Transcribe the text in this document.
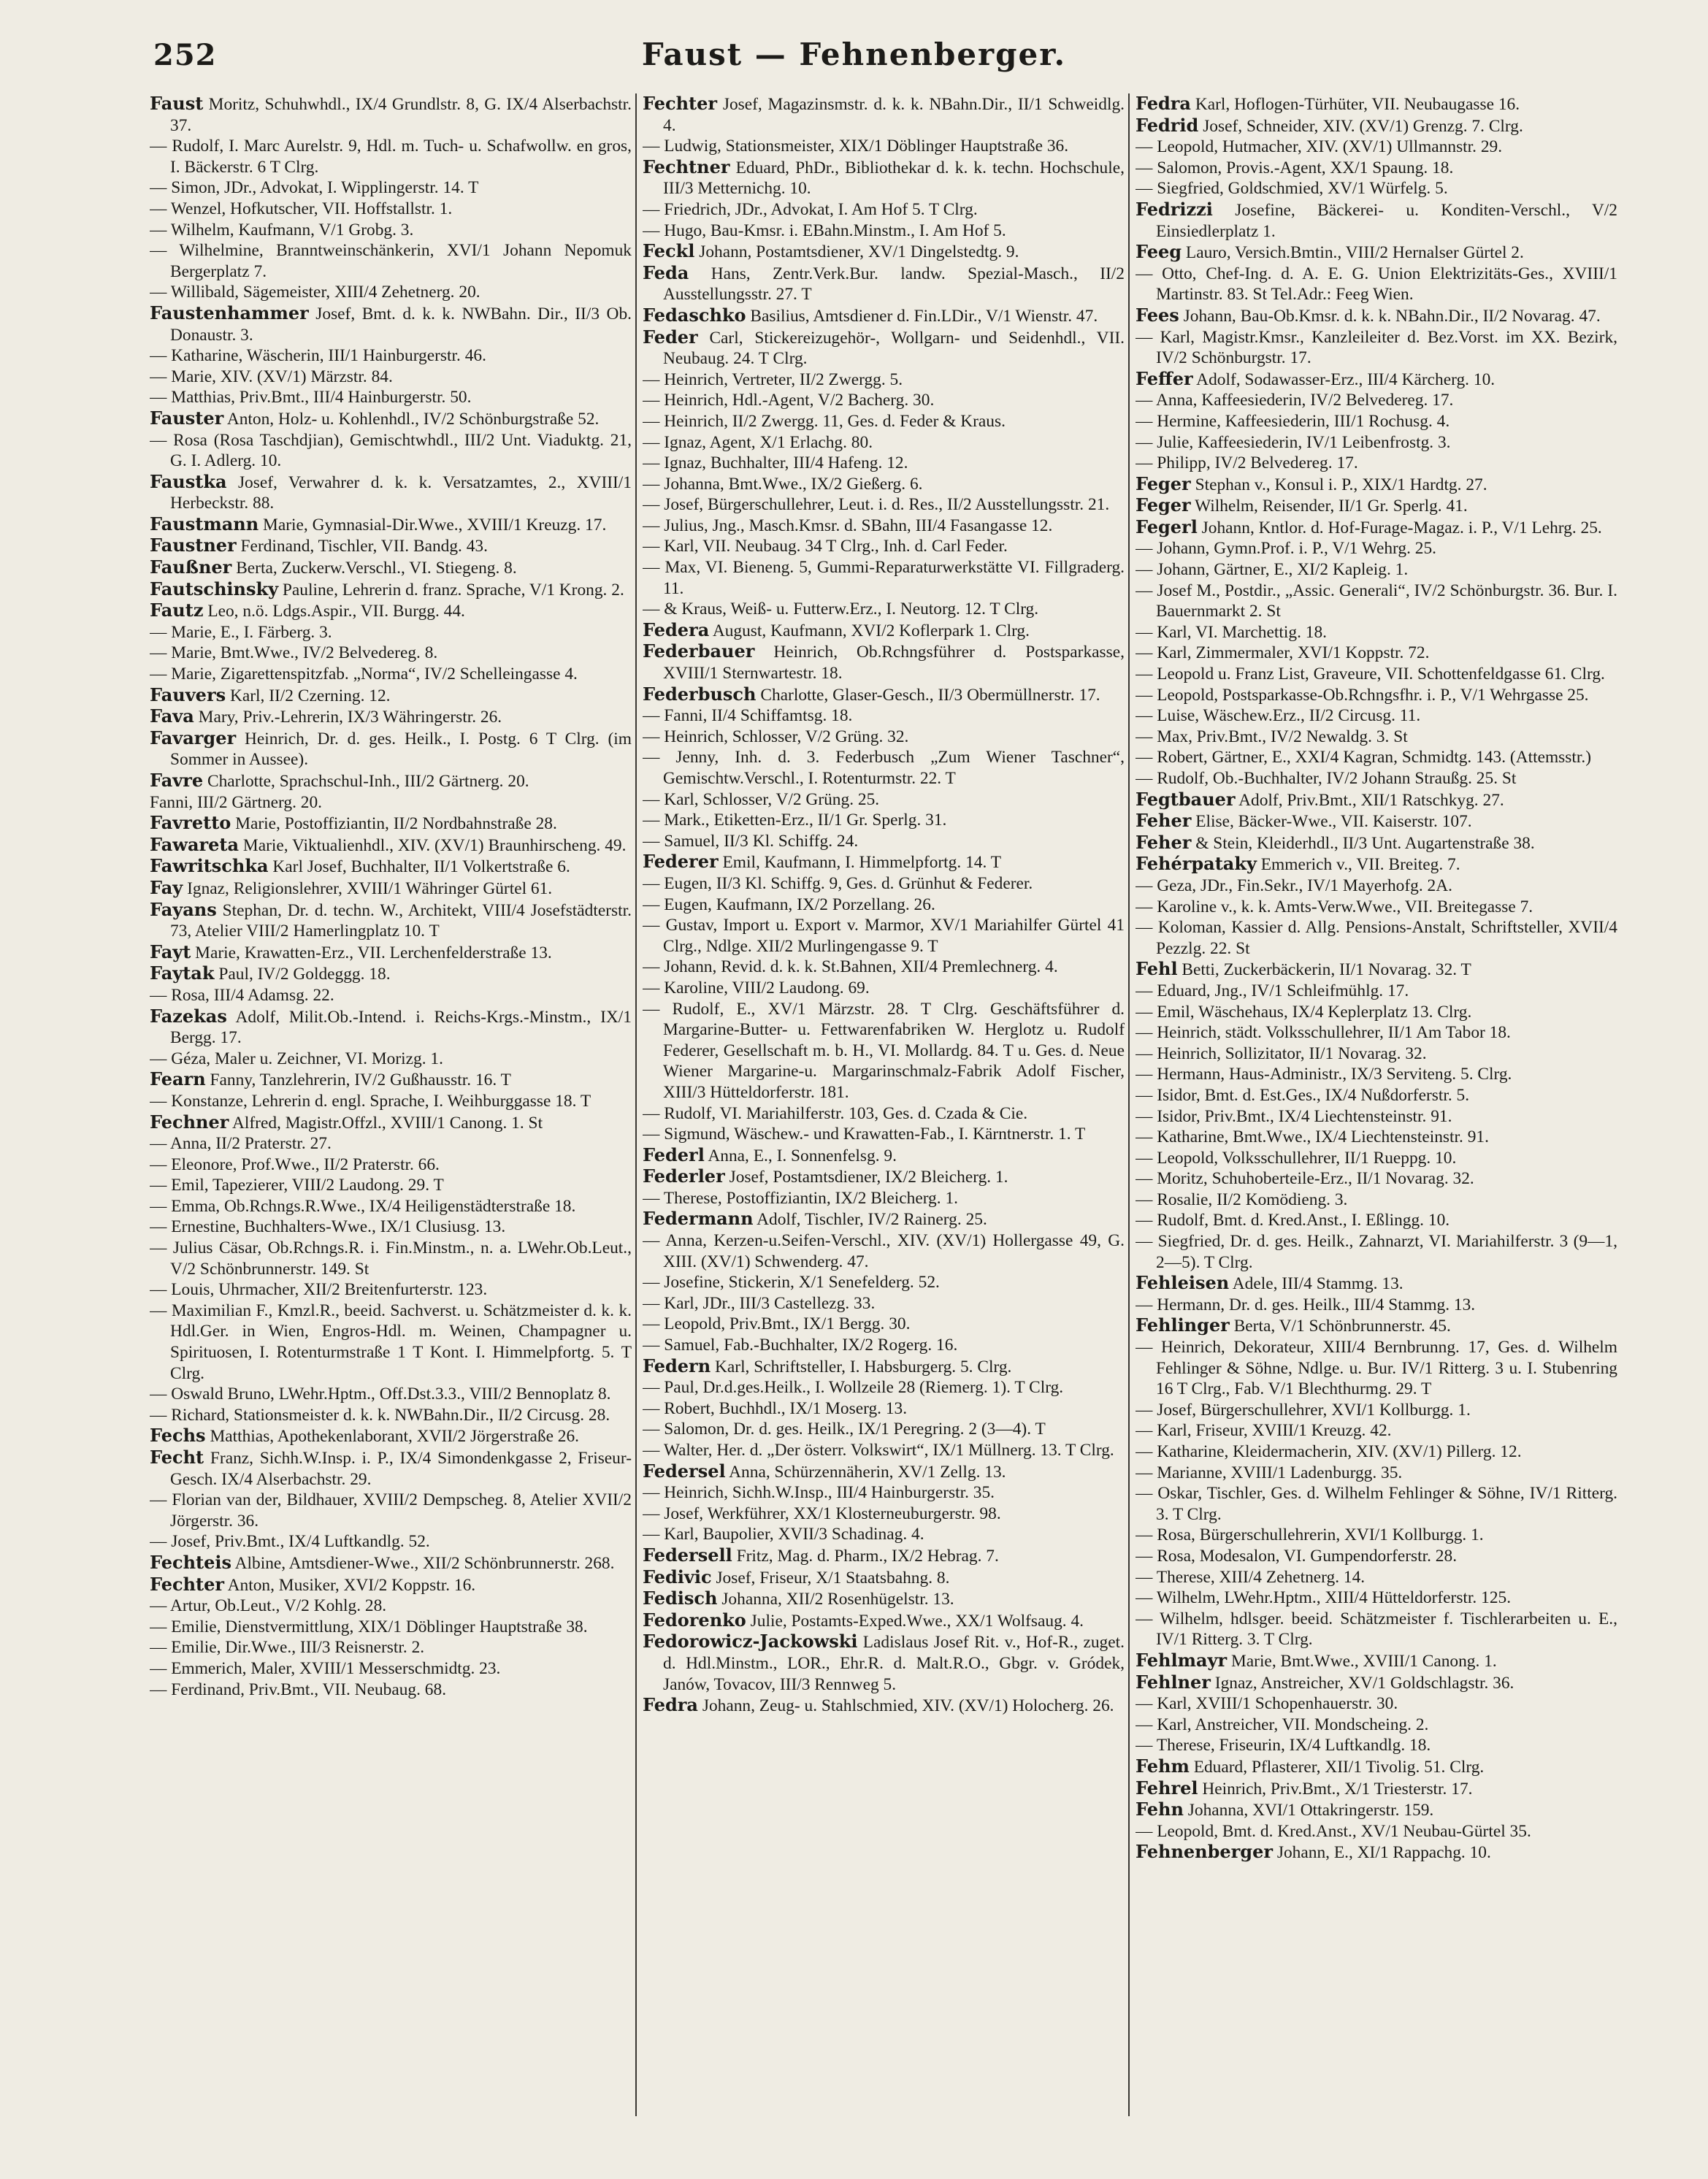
252	Faust — Fehnenberger.
Faust Moritz, Schuhwhdl., IX/4 Grundlstr. 8, G. IX/4 Alserbachstr. 37.
— Rudolf, I. Marc Aurelstr. 9, Hdl. m. Tuch- u. Schafwollw. en gros, I. Bäckerstr. 6 T Clrg.
— Simon, JDr., Advokat, I. Wipplingerstr. 14. T
— Wenzel, Hofkutscher, VII. Hoffstallstr. 1.
— Wilhelm, Kaufmann, V/1 Grobg. 3.
— Wilhelmine, Branntweinschänkerin, XVI/1 Johann Nepomuk Bergerplatz 7.
— Willibald, Sägemeister, XIII/4 Zehetnerg. 20.
Faustenhammer Josef, Bmt. d. k. k. NWBahn. Dir., II/3 Ob. Donaustr. 3.
— Katharine, Wäscherin, III/1 Hainburgerstr. 46.
— Marie, XIV. (XV/1) Märzstr. 84.
— Matthias, Priv.Bmt., III/4 Hainburgerstr. 50.
Fauster Anton, Holz- u. Kohlenhdl., IV/2 Schönburgstraße 52.
— Rosa (Rosa Taschdjian), Gemischtwhdl., III/2 Unt. Viaduktg. 21, G. I. Adlerg. 10.
Faustka Josef, Verwahrer d. k. k. Versatzamtes, 2., XVIII/1 Herbeckstr. 88.
Faustmann Marie, Gymnasial-Dir.Wwe., XVIII/1 Kreuzg. 17.
Faustner Ferdinand, Tischler, VII. Bandg. 43.
Faußner Berta, Zuckerw.Verschl., VI. Stiegeng. 8.
Fautschinsky Pauline, Lehrerin d. franz. Sprache, V/1 Krong. 2.
Fautz Leo, n.ö. Ldgs.Aspir., VII. Burgg. 44.
— Marie, E., I. Färberg. 3.
— Marie, Bmt.Wwe., IV/2 Belvedereg. 8.
— Marie, Zigarettenspitzfab. „Norma“, IV/2 Schelleingasse 4.
Fauvers Karl, II/2 Czerning. 12.
Fava Mary, Priv.-Lehrerin, IX/3 Währingerstr. 26.
Favarger Heinrich, Dr. d. ges. Heilk., I. Postg. 6 T Clrg. (im Sommer in Aussee).
Favre Charlotte, Sprachschul-Inh., III/2 Gärtnerg. 20.
Fanni, III/2 Gärtnerg. 20.
Favretto Marie, Postoffiziantin, II/2 Nordbahnstraße 28.
Fawareta Marie, Viktualienhdl., XIV. (XV/1) Braunhirscheng. 49.
Fawritschka Karl Josef, Buchhalter, II/1 Volkertstraße 6.
Fay Ignaz, Religionslehrer, XVIII/1 Währinger Gürtel 61.
Fayans Stephan, Dr. d. techn. W., Architekt, VIII/4 Josefstädterstr. 73, Atelier VIII/2 Hamerlingplatz 10. T
Fayt Marie, Krawatten-Erz., VII. Lerchenfelderstraße 13.
Faytak Paul, IV/2 Goldeggg. 18.
— Rosa, III/4 Adamsg. 22.
Fazekas Adolf, Milit.Ob.-Intend. i. Reichs-Krgs.-Minstm., IX/1 Bergg. 17.
— Géza, Maler u. Zeichner, VI. Morizg. 1.
Fearn Fanny, Tanzlehrerin, IV/2 Gußhausstr. 16. T
— Konstanze, Lehrerin d. engl. Sprache, I. Weihburggasse 18. T
Fechner Alfred, Magistr.Offzl., XVIII/1 Canong. 1. St
— Anna, II/2 Praterstr. 27.
— Eleonore, Prof.Wwe., II/2 Praterstr. 66.
— Emil, Tapezierer, VIII/2 Laudong. 29. T
— Emma, Ob.Rchngs.R.Wwe., IX/4 Heiligenstädterstraße 18.
— Ernestine, Buchhalters-Wwe., IX/1 Clusiusg. 13.
— Julius Cäsar, Ob.Rchngs.R. i. Fin.Minstm., n. a. LWehr.Ob.Leut., V/2 Schönbrunnerstr. 149. St
— Louis, Uhrmacher, XII/2 Breitenfurterstr. 123.
— Maximilian F., Kmzl.R., beeid. Sachverst. u. Schätzmeister d. k. k. Hdl.Ger. in Wien, Engros-Hdl. m. Weinen, Champagner u. Spirituosen, I. Rotenturmstraße 1 T Kont. I. Himmelpfortg. 5. T Clrg.
— Oswald Bruno, LWehr.Hptm., Off.Dst.3.3., VIII/2 Bennoplatz 8.
— Richard, Stationsmeister d. k. k. NWBahn.Dir., II/2 Circusg. 28.
Fechs Matthias, Apothekenlaborant, XVII/2 Jörgerstraße 26.
Fecht Franz, Sichh.W.Insp. i. P., IX/4 Simondenkgasse 2, Friseur-Gesch. IX/4 Alserbachstr. 29.
— Florian van der, Bildhauer, XVIII/2 Dempscheg. 8, Atelier XVII/2 Jörgerstr. 36.
— Josef, Priv.Bmt., IX/4 Luftkandlg. 52.
Fechteis Albine, Amtsdiener-Wwe., XII/2 Schönbrunnerstr. 268.
Fechter Anton, Musiker, XVI/2 Koppstr. 16.
— Artur, Ob.Leut., V/2 Kohlg. 28.
— Emilie, Dienstvermittlung, XIX/1 Döblinger Hauptstraße 38.
— Emilie, Dir.Wwe., III/3 Reisnerstr. 2.
— Emmerich, Maler, XVIII/1 Messerschmidtg. 23.
— Ferdinand, Priv.Bmt., VII. Neubaug. 68.
Fechter Josef, Magazinsmstr. d. k. k. NBahn.Dir., II/1 Schweidlg. 4.
— Ludwig, Stationsmeister, XIX/1 Döblinger Hauptstraße 36.
Fechtner Eduard, PhDr., Bibliothekar d. k. k. techn. Hochschule, III/3 Metternichg. 10.
— Friedrich, JDr., Advokat, I. Am Hof 5. T Clrg.
— Hugo, Bau-Kmsr. i. EBahn.Minstm., I. Am Hof 5.
Feckl Johann, Postamtsdiener, XV/1 Dingelstedtg. 9.
Feda Hans, Zentr.Verk.Bur. landw. Spezial-Masch., II/2 Ausstellungsstr. 27. T
Fedaschko Basilius, Amtsdiener d. Fin.LDir., V/1 Wienstr. 47.
Feder Carl, Stickereizugehör-, Wollgarn- und Seidenhdl., VII. Neubaug. 24. T Clrg.
— Heinrich, Vertreter, II/2 Zwergg. 5.
— Heinrich, Hdl.-Agent, V/2 Bacherg. 30.
— Heinrich, II/2 Zwergg. 11, Ges. d. Feder & Kraus.
— Ignaz, Agent, X/1 Erlachg. 80.
— Ignaz, Buchhalter, III/4 Hafeng. 12.
— Johanna, Bmt.Wwe., IX/2 Gießerg. 6.
— Josef, Bürgerschullehrer, Leut. i. d. Res., II/2 Ausstellungsstr. 21.
— Julius, Jng., Masch.Kmsr. d. SBahn, III/4 Fasangasse 12.
— Karl, VII. Neubaug. 34 T Clrg., Inh. d. Carl Feder.
— Max, VI. Bieneng. 5, Gummi-Reparaturwerkstätte VI. Fillgraderg. 11.
— & Kraus, Weiß- u. Futterw.Erz., I. Neutorg. 12. T Clrg.
Federa August, Kaufmann, XVI/2 Koflerpark 1. Clrg.
Federbauer Heinrich, Ob.Rchngsführer d. Postsparkasse, XVIII/1 Sternwartestr. 18.
Federbusch Charlotte, Glaser-Gesch., II/3 Obermüllnerstr. 17.
— Fanni, II/4 Schiffamtsg. 18.
— Heinrich, Schlosser, V/2 Grüng. 32.
— Jenny, Inh. d. 3. Federbusch „Zum Wiener Taschner“, Gemischtw.Verschl., I. Rotenturmstr. 22. T
— Karl, Schlosser, V/2 Grüng. 25.
— Mark., Etiketten-Erz., II/1 Gr. Sperlg. 31.
— Samuel, II/3 Kl. Schiffg. 24.
Federer Emil, Kaufmann, I. Himmelpfortg. 14. T
— Eugen, II/3 Kl. Schiffg. 9, Ges. d. Grünhut & Federer.
— Eugen, Kaufmann, IX/2 Porzellang. 26.
— Gustav, Import u. Export v. Marmor, XV/1 Mariahilfer Gürtel 41 Clrg., Ndlge. XII/2 Murlingengasse 9. T
— Johann, Revid. d. k. k. St.Bahnen, XII/4 Premlechnerg. 4.
— Karoline, VIII/2 Laudong. 69.
— Rudolf, E., XV/1 Märzstr. 28. T Clrg. Geschäftsführer d. Margarine-Butter- u. Fettwarenfabriken W. Herglotz u. Rudolf Federer, Gesellschaft m. b. H., VI. Mollardg. 84. T u. Ges. d. Neue Wiener Margarine-u. Margarinschmalz-Fabrik Adolf Fischer, XIII/3 Hütteldorferstr. 181.
— Rudolf, VI. Mariahilferstr. 103, Ges. d. Czada & Cie.
— Sigmund, Wäschew.- und Krawatten-Fab., I. Kärntnerstr. 1. T
Federl Anna, E., I. Sonnenfelsg. 9.
Federler Josef, Postamtsdiener, IX/2 Bleicherg. 1.
— Therese, Postoffiziantin, IX/2 Bleicherg. 1.
Federmann Adolf, Tischler, IV/2 Rainerg. 25.
— Anna, Kerzen-u.Seifen-Verschl., XIV. (XV/1) Hollergasse 49, G. XIII. (XV/1) Schwenderg. 47.
— Josefine, Stickerin, X/1 Senefelderg. 52.
— Karl, JDr., III/3 Castellezg. 33.
— Leopold, Priv.Bmt., IX/1 Bergg. 30.
— Samuel, Fab.-Buchhalter, IX/2 Rogerg. 16.
Federn Karl, Schriftsteller, I. Habsburgerg. 5. Clrg.
— Paul, Dr.d.ges.Heilk., I. Wollzeile 28 (Riemerg. 1). T Clrg.
— Robert, Buchhdl., IX/1 Moserg. 13.
— Salomon, Dr. d. ges. Heilk., IX/1 Peregring. 2 (3—4). T
— Walter, Her. d. „Der österr. Volkswirt“, IX/1 Müllnerg. 13. T Clrg.
Federsel Anna, Schürzennäherin, XV/1 Zellg. 13.
— Heinrich, Sichh.W.Insp., III/4 Hainburgerstr. 35.
— Josef, Werkführer, XX/1 Klosterneuburgerstr. 98.
— Karl, Baupolier, XVII/3 Schadinag. 4.
Federsell Fritz, Mag. d. Pharm., IX/2 Hebrag. 7.
Fedivic Josef, Friseur, X/1 Staatsbahng. 8.
Fedisch Johanna, XII/2 Rosenhügelstr. 13.
Fedorenko Julie, Postamts-Exped.Wwe., XX/1 Wolfsaug. 4.
Fedorowicz-Jackowski Ladislaus Josef Rit. v., Hof-R., zuget. d. Hdl.Minstm., LOR., Ehr.R. d. Malt.R.O., Gbgr. v. Gródek, Janów, Tovacov, III/3 Rennweg 5.
Fedra Johann, Zeug- u. Stahlschmied, XIV. (XV/1) Holocherg. 26.
Fedra Karl, Hoflogen-Türhüter, VII. Neubaugasse 16.
Fedrid Josef, Schneider, XIV. (XV/1) Grenzg. 7. Clrg.
— Leopold, Hutmacher, XIV. (XV/1) Ullmannstr. 29.
— Salomon, Provis.-Agent, XX/1 Spaung. 18.
— Siegfried, Goldschmied, XV/1 Würfelg. 5.
Fedrizzi Josefine, Bäckerei- u. Konditen-Verschl., V/2 Einsiedlerplatz 1.
Feeg Lauro, Versich.Bmtin., VIII/2 Hernalser Gürtel 2.
— Otto, Chef-Ing. d. A. E. G. Union Elektrizitäts-Ges., XVIII/1 Martinstr. 83. St Tel.Adr.: Feeg Wien.
Fees Johann, Bau-Ob.Kmsr. d. k. k. NBahn.Dir., II/2 Novarag. 47.
— Karl, Magistr.Kmsr., Kanzleileiter d. Bez.Vorst. im XX. Bezirk, IV/2 Schönburgstr. 17.
Feffer Adolf, Sodawasser-Erz., III/4 Kärcherg. 10.
— Anna, Kaffeesiederin, IV/2 Belvedereg. 17.
— Hermine, Kaffeesiederin, III/1 Rochusg. 4.
— Julie, Kaffeesiederin, IV/1 Leibenfrostg. 3.
— Philipp, IV/2 Belvedereg. 17.
Feger Stephan v., Konsul i. P., XIX/1 Hardtg. 27.
Feger Wilhelm, Reisender, II/1 Gr. Sperlg. 41.
Fegerl Johann, Kntlor. d. Hof-Furage-Magaz. i. P., V/1 Lehrg. 25.
— Johann, Gymn.Prof. i. P., V/1 Wehrg. 25.
— Johann, Gärtner, E., XI/2 Kapleig. 1.
— Josef M., Postdir., „Assic. Generali“, IV/2 Schönburgstr. 36. Bur. I. Bauernmarkt 2. St
— Karl, VI. Marchettig. 18.
— Karl, Zimmermaler, XVI/1 Koppstr. 72.
— Leopold u. Franz List, Graveure, VII. Schottenfeldgasse 61. Clrg.
— Leopold, Postsparkasse-Ob.Rchngsfhr. i. P., V/1 Wehrgasse 25.
— Luise, Wäschew.Erz., II/2 Circusg. 11.
— Max, Priv.Bmt., IV/2 Newaldg. 3. St
— Robert, Gärtner, E., XXI/4 Kagran, Schmidtg. 143. (Attemsstr.)
— Rudolf, Ob.-Buchhalter, IV/2 Johann Straußg. 25. St
Fegtbauer Adolf, Priv.Bmt., XII/1 Ratschkyg. 27.
Feher Elise, Bäcker-Wwe., VII. Kaiserstr. 107.
Feher & Stein, Kleiderhdl., II/3 Unt. Augartenstraße 38.
Fehérpataky Emmerich v., VII. Breiteg. 7.
— Geza, JDr., Fin.Sekr., IV/1 Mayerhofg. 2A.
— Karoline v., k. k. Amts-Verw.Wwe., VII. Breitegasse 7.
— Koloman, Kassier d. Allg. Pensions-Anstalt, Schriftsteller, XVII/4 Pezzlg. 22. St
Fehl Betti, Zuckerbäckerin, II/1 Novarag. 32. T
— Eduard, Jng., IV/1 Schleifmühlg. 17.
— Emil, Wäschehaus, IX/4 Keplerplatz 13. Clrg.
— Heinrich, städt. Volksschullehrer, II/1 Am Tabor 18.
— Heinrich, Sollizitator, II/1 Novarag. 32.
— Hermann, Haus-Administr., IX/3 Serviteng. 5. Clrg.
— Isidor, Bmt. d. Est.Ges., IX/4 Nußdorferstr. 5.
— Isidor, Priv.Bmt., IX/4 Liechtensteinstr. 91.
— Katharine, Bmt.Wwe., IX/4 Liechtensteinstr. 91.
— Leopold, Volksschullehrer, II/1 Rueppg. 10.
— Moritz, Schuhoberteile-Erz., II/1 Novarag. 32.
— Rosalie, II/2 Komödieng. 3.
— Rudolf, Bmt. d. Kred.Anst., I. Eßlingg. 10.
— Siegfried, Dr. d. ges. Heilk., Zahnarzt, VI. Mariahilferstr. 3 (9—1, 2—5). T Clrg.
Fehleisen Adele, III/4 Stammg. 13.
— Hermann, Dr. d. ges. Heilk., III/4 Stammg. 13.
Fehlinger Berta, V/1 Schönbrunnerstr. 45.
— Heinrich, Dekorateur, XIII/4 Bernbrunng. 17, Ges. d. Wilhelm Fehlinger & Söhne, Ndlge. u. Bur. IV/1 Ritterg. 3 u. I. Stubenring 16 T Clrg., Fab. V/1 Blechthurmg. 29. T
— Josef, Bürgerschullehrer, XVI/1 Kollburgg. 1.
— Karl, Friseur, XVIII/1 Kreuzg. 42.
— Katharine, Kleidermacherin, XIV. (XV/1) Pillerg. 12.
— Marianne, XVIII/1 Ladenburgg. 35.
— Oskar, Tischler, Ges. d. Wilhelm Fehlinger & Söhne, IV/1 Ritterg. 3. T Clrg.
— Rosa, Bürgerschullehrerin, XVI/1 Kollburgg. 1.
— Rosa, Modesalon, VI. Gumpendorferstr. 28.
— Therese, XIII/4 Zehetnerg. 14.
— Wilhelm, LWehr.Hptm., XIII/4 Hütteldorferstr. 125.
— Wilhelm, hdlsger. beeid. Schätzmeister f. Tischlerarbeiten u. E., IV/1 Ritterg. 3. T Clrg.
Fehlmayr Marie, Bmt.Wwe., XVIII/1 Canong. 1.
Fehlner Ignaz, Anstreicher, XV/1 Goldschlagstr. 36.
— Karl, XVIII/1 Schopenhauerstr. 30.
— Karl, Anstreicher, VII. Mondscheing. 2.
— Therese, Friseurin, IX/4 Luftkandlg. 18.
Fehm Eduard, Pflasterer, XII/1 Tivolig. 51. Clrg.
Fehrel Heinrich, Priv.Bmt., X/1 Triesterstr. 17.
Fehn Johanna, XVI/1 Ottakringerstr. 159.
— Leopold, Bmt. d. Kred.Anst., XV/1 Neubau-Gürtel 35.
Fehnenberger Johann, E., XI/1 Rappachg. 10.
